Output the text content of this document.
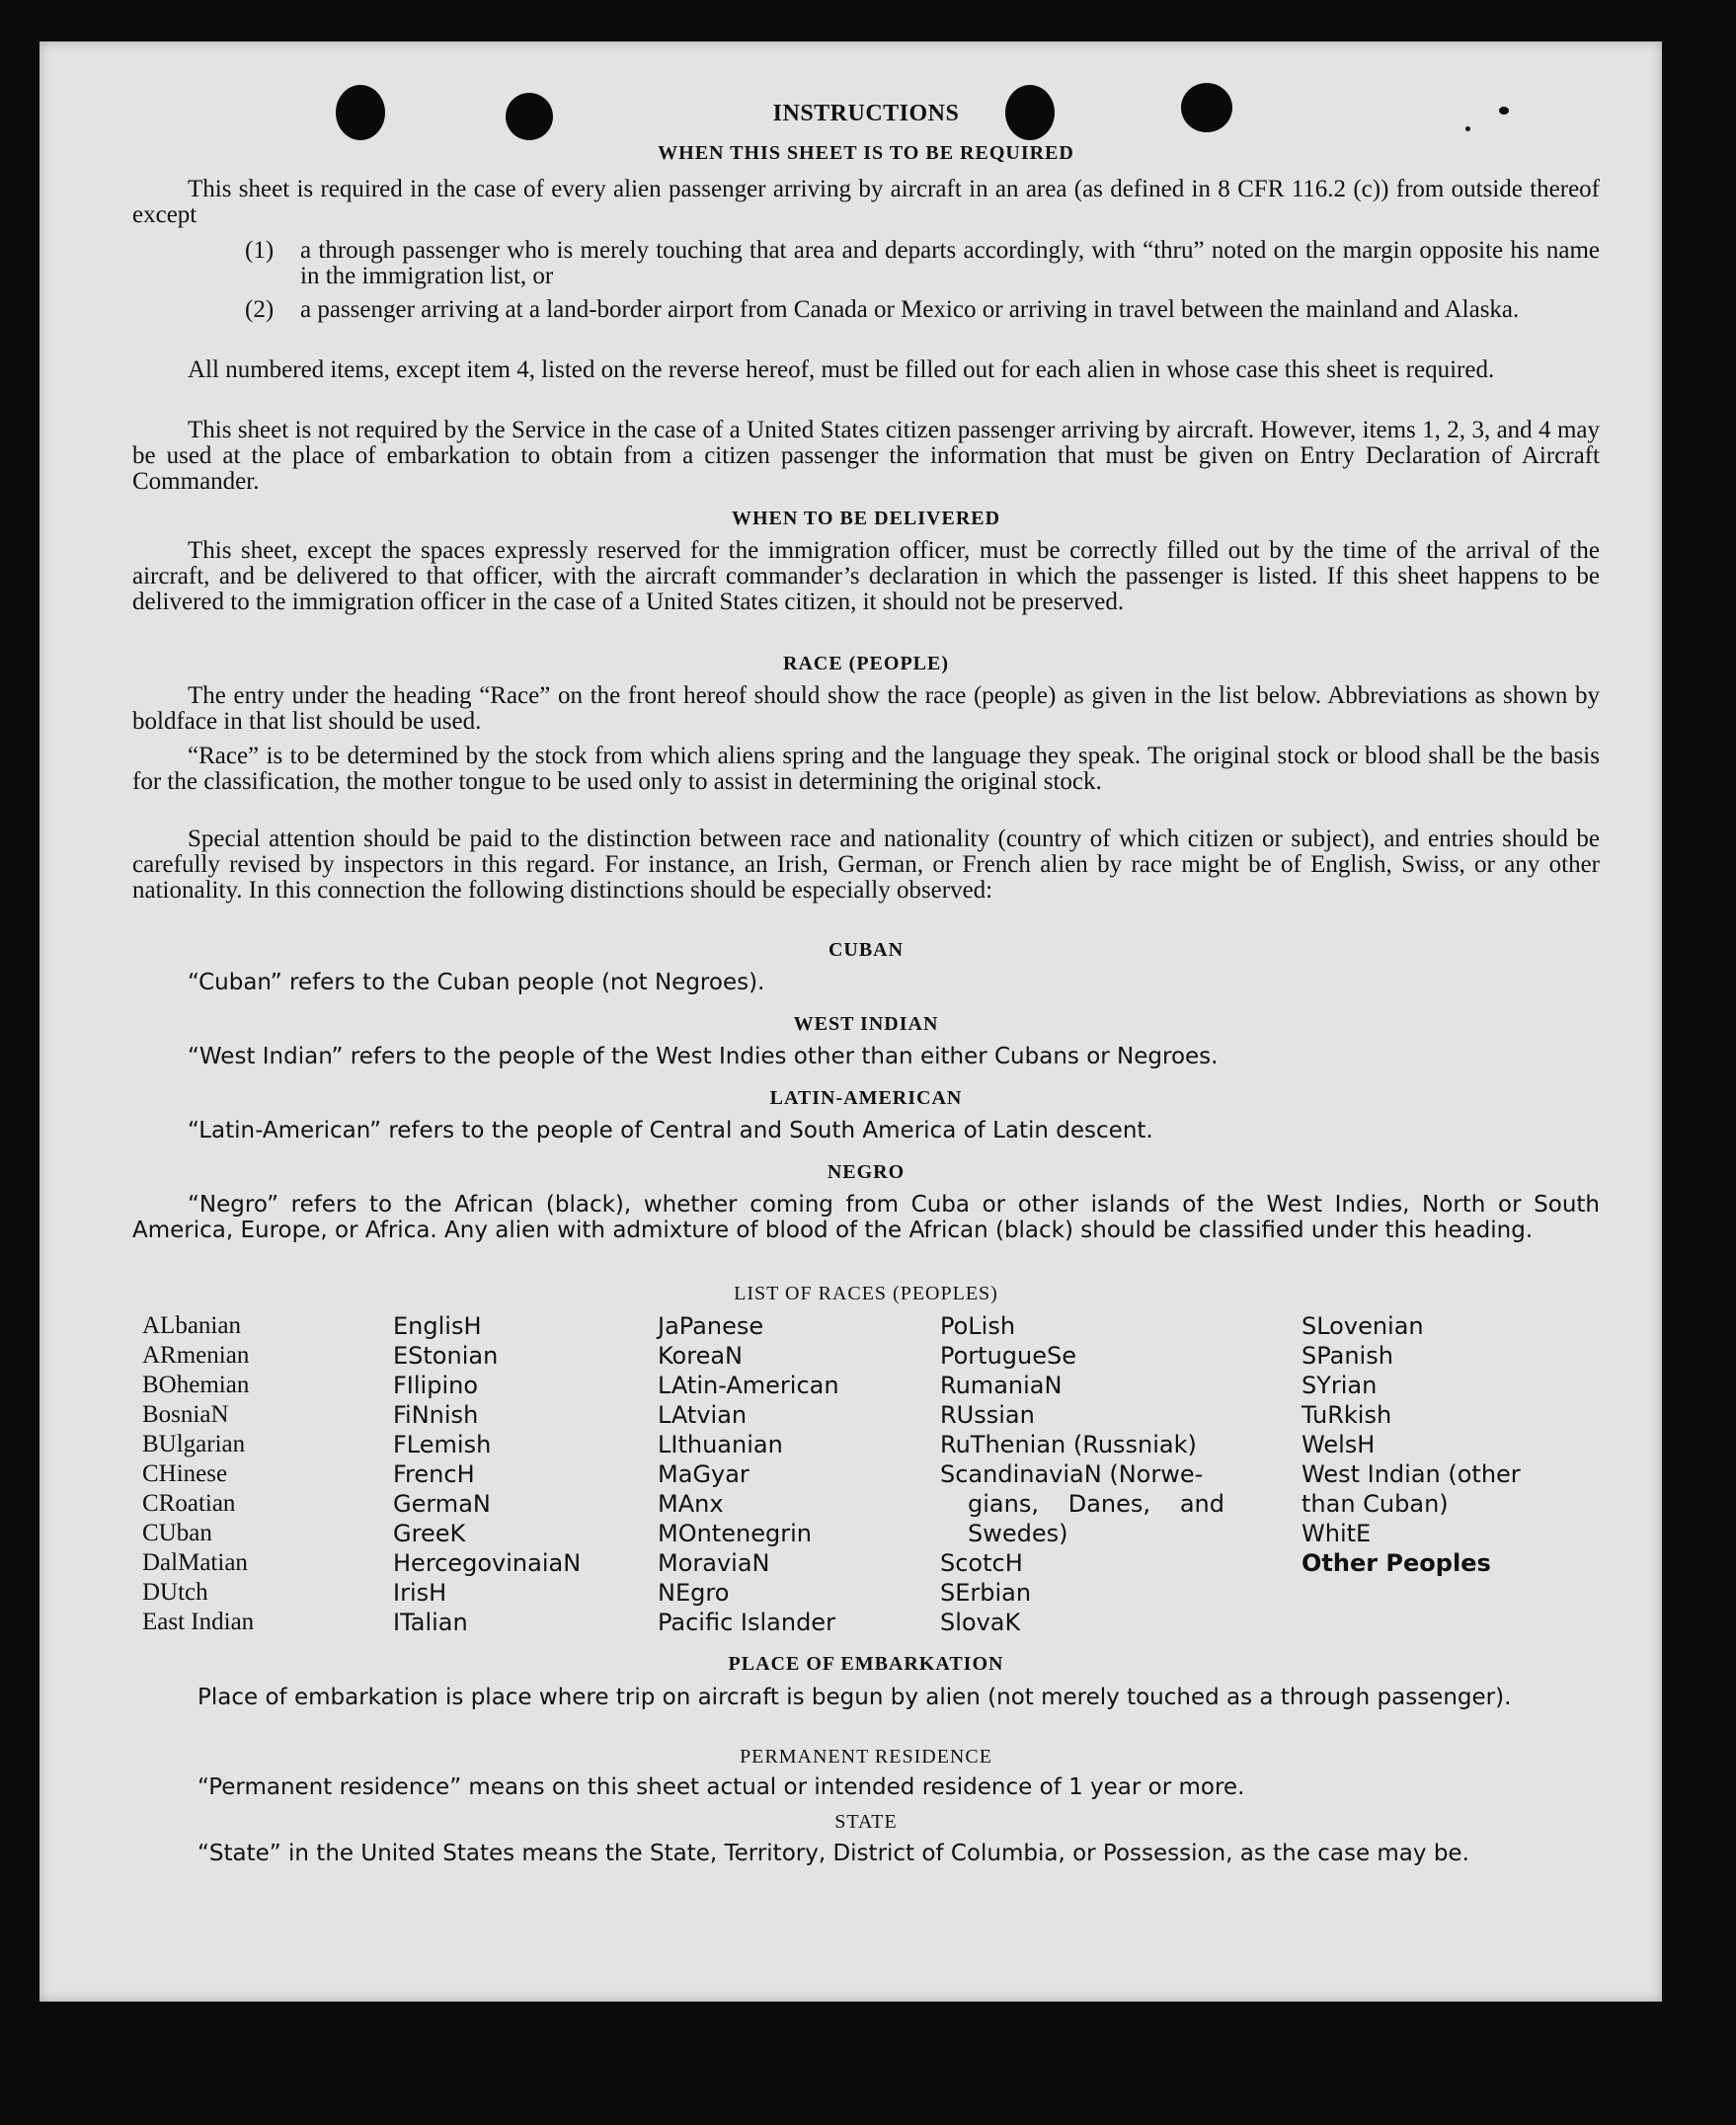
INSTRUCTIONS
WHEN THIS SHEET IS TO BE REQUIRED
This sheet is required in the case of every alien passenger arriving by aircraft in an area (as defined in 8 CFR 116.2 (c)) from outside thereof except
(1) a through passenger who is merely touching that area and departs accordingly, with “thru” noted on the margin opposite his name in the immigration list, or
(2) a passenger arriving at a land-border airport from Canada or Mexico or arriving in travel between the mainland and Alaska.
All numbered items, except item 4, listed on the reverse hereof, must be filled out for each alien in whose case this sheet is required.
This sheet is not required by the Service in the case of a United States citizen passenger arriving by aircraft. However, items 1, 2, 3, and 4 may be used at the place of embarkation to obtain from a citizen passenger the information that must be given on Entry Declaration of Aircraft Commander.
WHEN TO BE DELIVERED
This sheet, except the spaces expressly reserved for the immigration officer, must be correctly filled out by the time of the arrival of the aircraft, and be delivered to that officer, with the aircraft commander’s declaration in which the passenger is listed. If this sheet happens to be delivered to the immigration officer in the case of a United States citizen, it should not be preserved.
RACE (PEOPLE)
The entry under the heading “Race” on the front hereof should show the race (people) as given in the list below. Abbreviations as shown by boldface in that list should be used.
“Race” is to be determined by the stock from which aliens spring and the language they speak. The original stock or blood shall be the basis for the classification, the mother tongue to be used only to assist in determining the original stock.
Special attention should be paid to the distinction between race and nationality (country of which citizen or subject), and entries should be carefully revised by inspectors in this regard. For instance, an Irish, German, or French alien by race might be of English, Swiss, or any other nationality. In this connection the following distinctions should be especially observed:
CUBAN
“Cuban” refers to the Cuban people (not Negroes).
WEST INDIAN
“West Indian” refers to the people of the West Indies other than either Cubans or Negroes.
LATIN-AMERICAN
“Latin-American” refers to the people of Central and South America of Latin descent.
NEGRO
“Negro” refers to the African (black), whether coming from Cuba or other islands of the West Indies, North or South America, Europe, or Africa. Any alien with admixture of blood of the African (black) should be classified under this heading.
LIST OF RACES (PEOPLES)
ALbanian
ARmenian
BOhemian
BosniaN
BUlgarian
CHinese
CRoatian
CUban
DalMatian
DUtch
East Indian
EnglisH
EStonian
FIlipino
FiNnish
FLemish
FrencH
GermaN
GreeK
HercegovinaiaN
IrisH
ITalian
JaPanese
KoreaN
LAtin-American
LAtvian
LIthuanian
MaGyar
MAnx
MOntenegrin
MoraviaN
NEgro
Pacific Islander
PoLish
PortugueSe
RumaniaN
RUssian
RuThenian (Russniak)
ScandinaviaN (Norwe-
gians, Danes, and
Swedes)
ScotcH
SErbian
SlovaK
SLovenian
SPanish
SYrian
TuRkish
WelsH
West Indian (other
than Cuban)
WhitE
Other Peoples
PLACE OF EMBARKATION
Place of embarkation is place where trip on aircraft is begun by alien (not merely touched as a through passenger).
PERMANENT RESIDENCE
“Permanent residence” means on this sheet actual or intended residence of 1 year or more.
STATE
“State” in the United States means the State, Territory, District of Columbia, or Possession, as the case may be.
